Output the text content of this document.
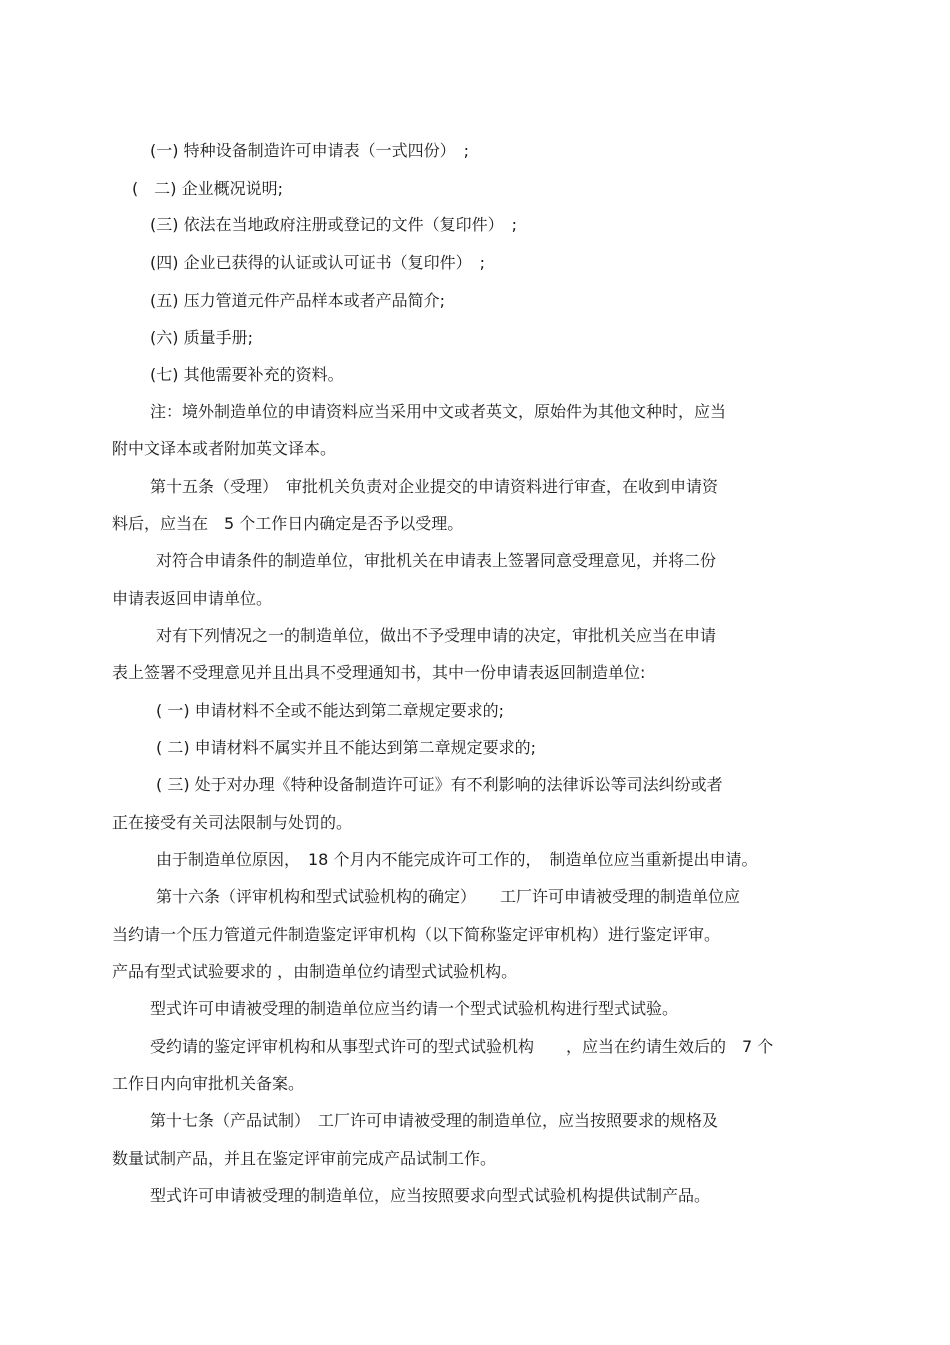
(一) 特种设备制造许可申请表（一式四份）　;
(　二) 企业概况说明;
(三) 依法在当地政府注册或登记的文件（复印件）　;
(四) 企业已获得的认证或认可证书（复印件）　;
(五) 压力管道元件产品样本或者产品简介;
(六) 质量手册;
(七) 其他需要补充的资料。
注：境外制造单位的申请资料应当采用中文或者英文，原始件为其他文种时，应当
附中文译本或者附加英文译本。
第十五条（受理）　审批机关负责对企业提交的申请资料进行审查，在收到申请资
料后，应当在　5 个工作日内确定是否予以受理。
对符合申请条件的制造单位，审批机关在申请表上签署同意受理意见，并将二份
申请表返回申请单位。
对有下列情况之一的制造单位，做出不予受理申请的决定，审批机关应当在申请
表上签署不受理意见并且出具不受理通知书，其中一份申请表返回制造单位:
( 一) 申请材料不全或不能达到第二章规定要求的;
( 二) 申请材料不属实并且不能达到第二章规定要求的;
( 三) 处于对办理《特种设备制造许可证》有不利影响的法律诉讼等司法纠纷或者
正在接受有关司法限制与处罚的。
由于制造单位原因，　18 个月内不能完成许可工作的，　制造单位应当重新提出申请。
第十六条（评审机构和型式试验机构的确定）　　工厂许可申请被受理的制造单位应
当约请一个压力管道元件制造鉴定评审机构（以下简称鉴定评审机构）进行鉴定评审。
产品有型式试验要求的 ，由制造单位约请型式试验机构。
型式许可申请被受理的制造单位应当约请一个型式试验机构进行型式试验。
受约请的鉴定评审机构和从事型式许可的型式试验机构　　，应当在约请生效后的　7 个
工作日内向审批机关备案。
第十七条（产品试制）　工厂许可申请被受理的制造单位，应当按照要求的规格及
数量试制产品，并且在鉴定评审前完成产品试制工作。
型式许可申请被受理的制造单位，应当按照要求向型式试验机构提供试制产品。
